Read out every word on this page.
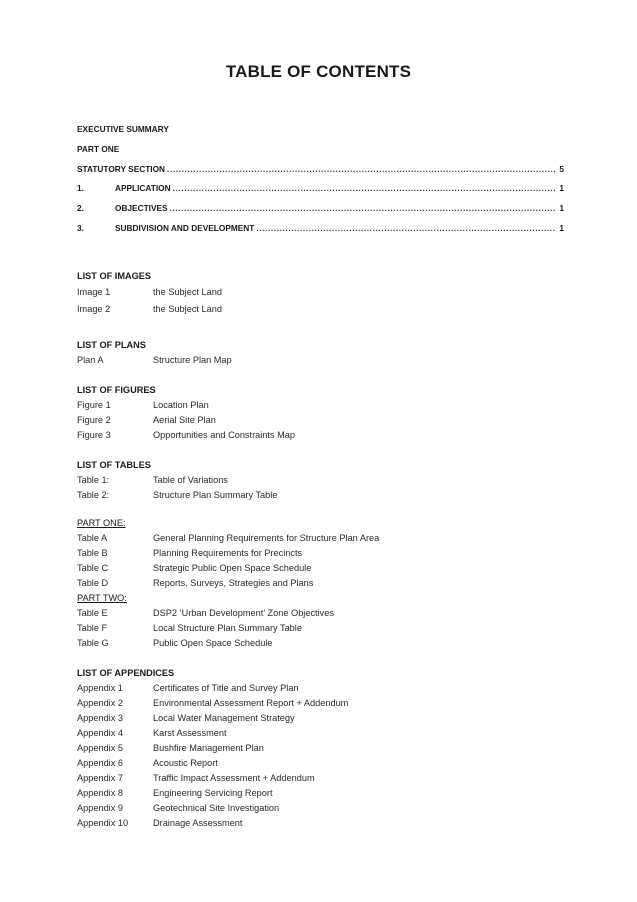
TABLE OF CONTENTS
EXECUTIVE SUMMARY
PART ONE
STATUTORY SECTION .....	5
1.	APPLICATION .....	1
2.	OBJECTIVES .....	1
3.	SUBDIVISION AND DEVELOPMENT .....	1
LIST OF IMAGES
Image 1	the Subject Land
Image 2	the Subject Land
LIST OF PLANS
Plan A	Structure Plan Map
LIST OF FIGURES
Figure 1	Location Plan
Figure 2	Aerial Site Plan
Figure 3	Opportunities and Constraints Map
LIST OF TABLES
Table 1:	Table of Variations
Table 2:	Structure Plan Summary Table
PART ONE:
Table A	General Planning Requirements for Structure Plan Area
Table B	Planning Requirements for Precincts
Table C	Strategic Public Open Space Schedule
Table D	Reports, Surveys, Strategies and Plans
PART TWO:
Table E	DSP2 ‘Urban Development’ Zone Objectives
Table F	Local Structure Plan Summary Table
Table G	Public Open Space Schedule
LIST OF APPENDICES
Appendix 1	Certificates of Title and Survey Plan
Appendix 2	Environmental Assessment Report + Addendum
Appendix 3	Local Water Management Strategy
Appendix 4	Karst Assessment
Appendix 5	Bushfire Management Plan
Appendix 6	Acoustic Report
Appendix 7	Traffic Impact Assessment + Addendum
Appendix 8	Engineering Servicing Report
Appendix 9	Geotechnical Site Investigation
Appendix 10	Drainage Assessment
